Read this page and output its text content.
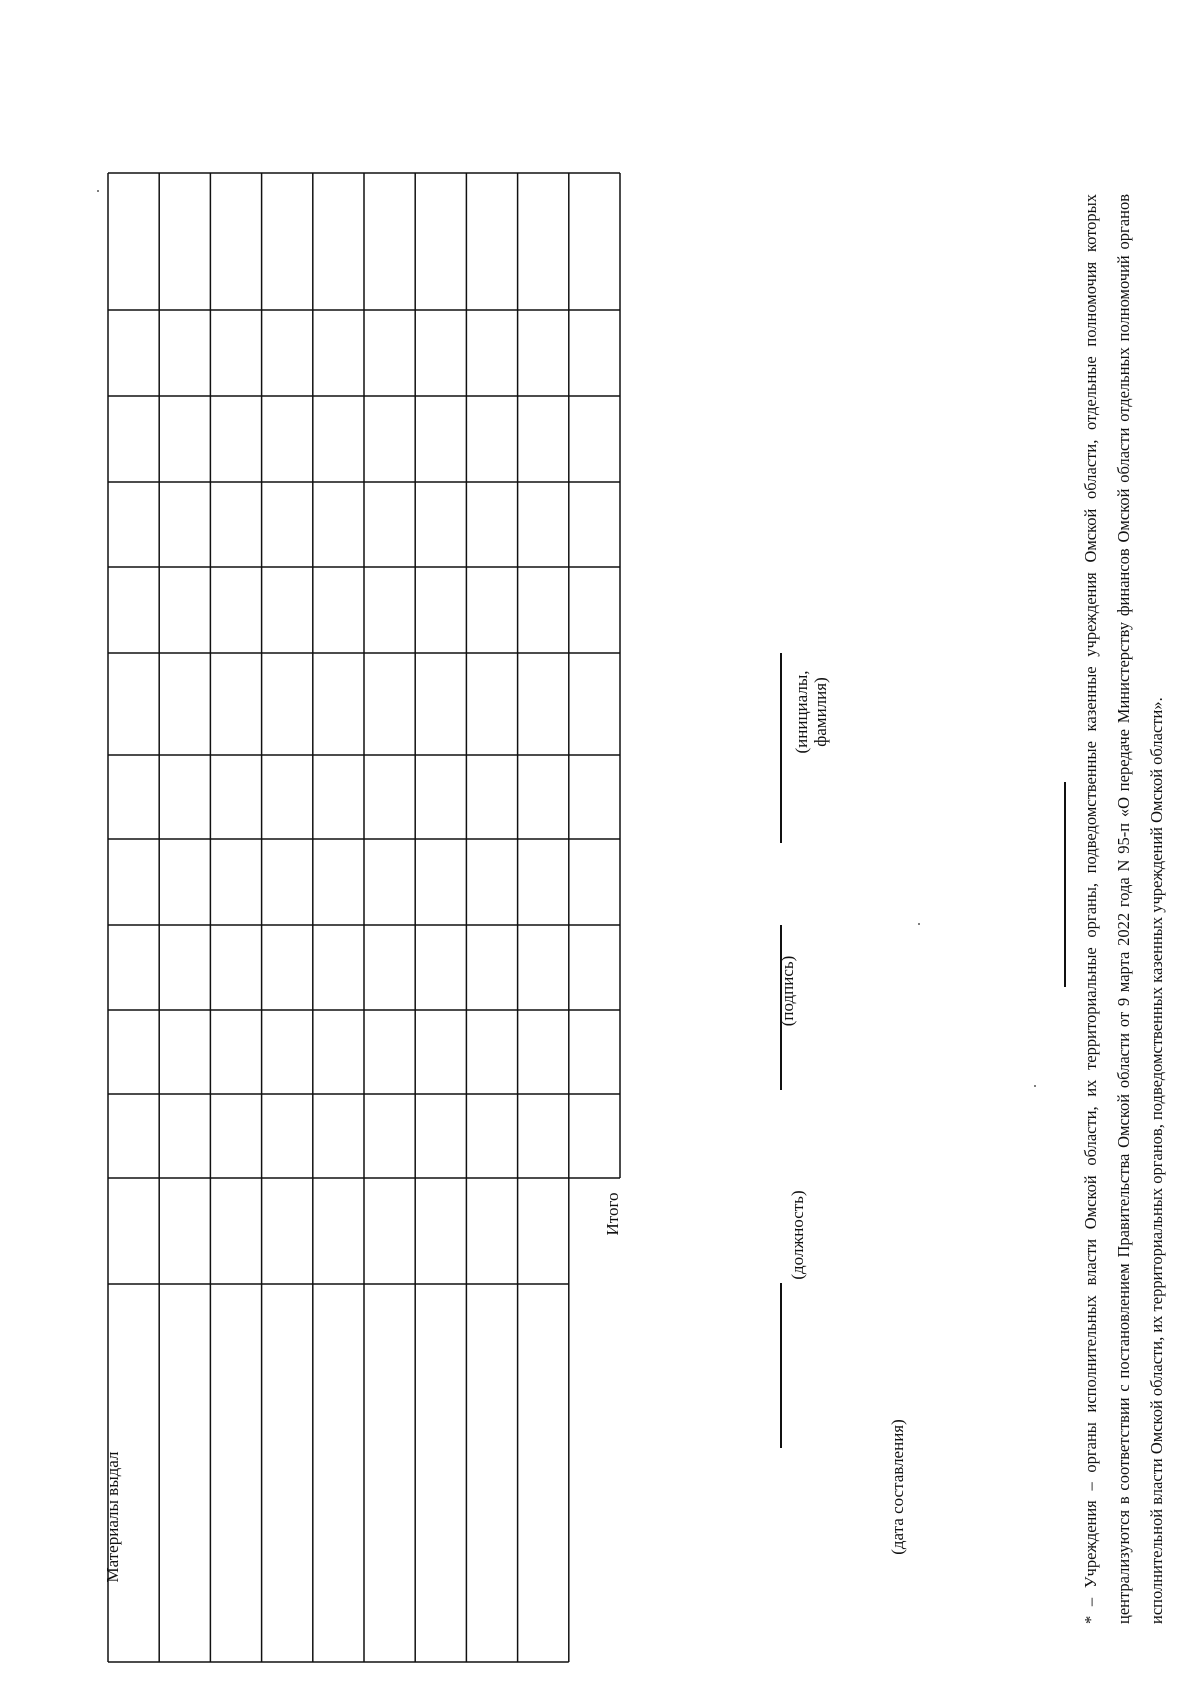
Итого
Материалы выдал
(должность)
(подпись)
(инициалы, фамилия)
(дата составления)	* – Учреждения – органы исполнительных власти Омской области, их территориальные органы, подведомственные казенные учреждения Омской области, отдельные полномочия которых централизуются в соответствии с постановлением Правительства Омской области от 9 марта 2022 года N 95-п «О передаче Министерству финансов Омской области отдельных полномочий органов исполнительной власти Омской области, их территориальных органов, подведомственных казенных учреждений Омской области».
